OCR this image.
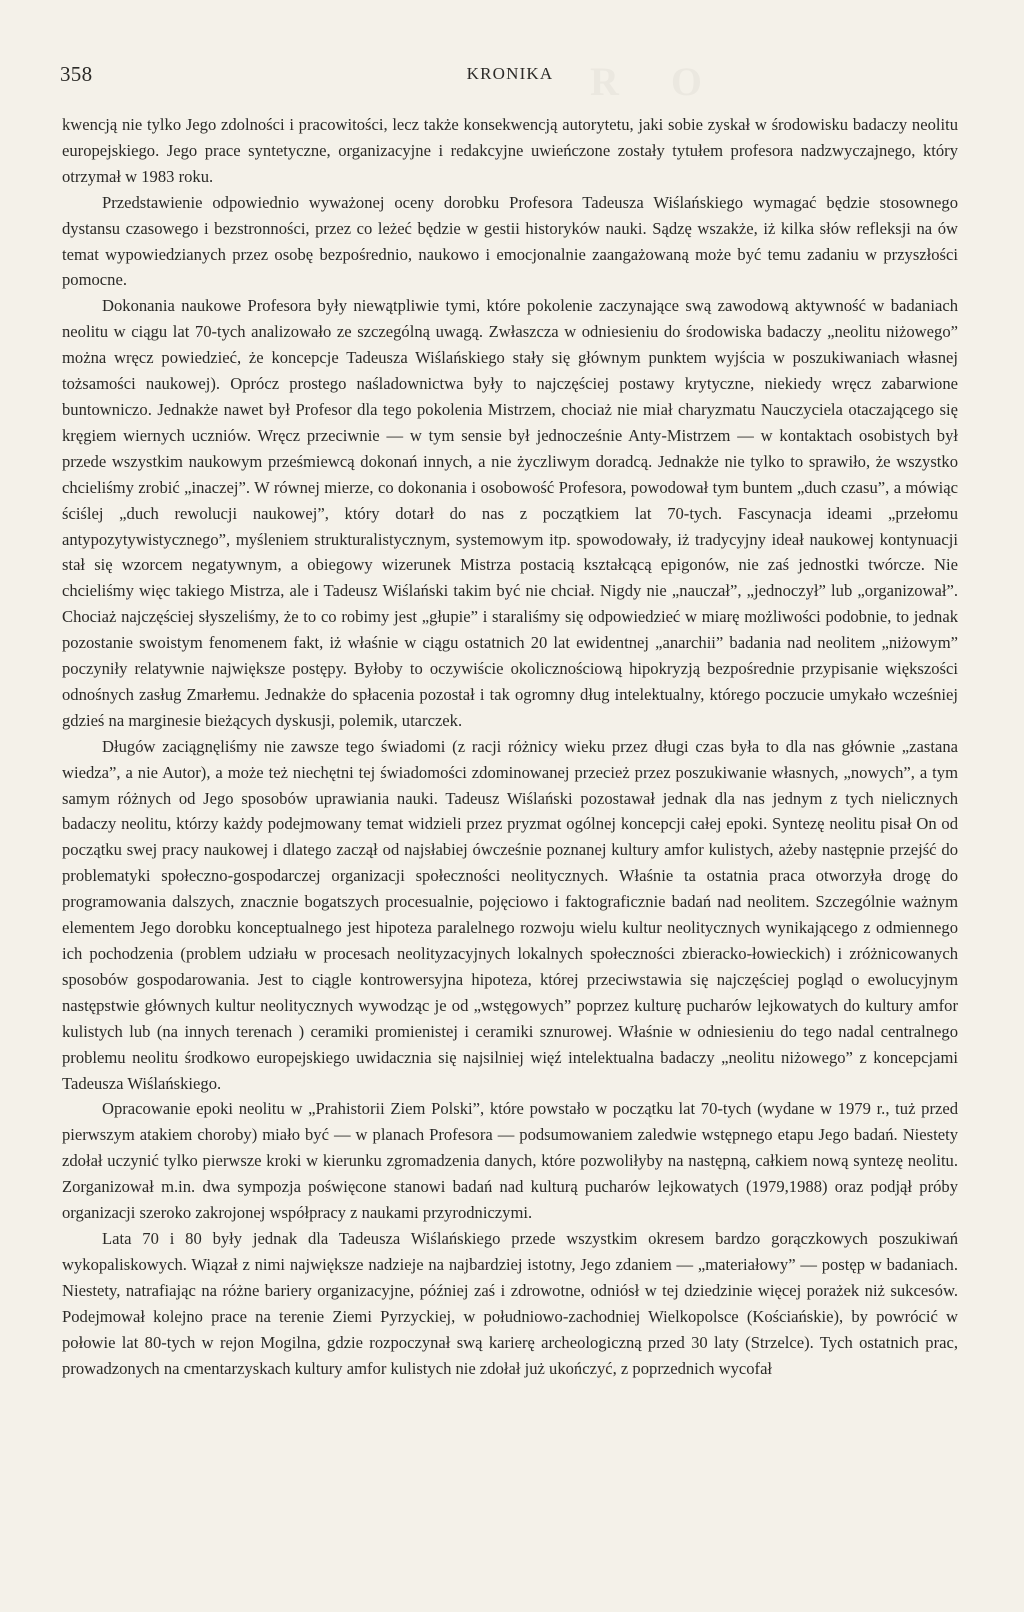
358	KRONIKA

kwencją nie tylko Jego zdolności i pracowitości, lecz także konsekwencją autorytetu, jaki sobie zyskał w środowisku badaczy neolitu europejskiego. Jego prace syntetyczne, organizacyjne i redakcyjne uwieńczone zostały tytułem profesora nadzwyczajnego, który otrzymał w 1983 roku.

Przedstawienie odpowiednio wyważonej oceny dorobku Profesora Tadeusza Wiślańskiego wymagać będzie stosownego dystansu czasowego i bezstronności, przez co leżeć będzie w gestii historyków nauki. Sądzę wszakże, iż kilka słów refleksji na ów temat wypowiedzianych przez osobę bezpośrednio, naukowo i emocjonalnie zaangażowaną może być temu zadaniu w przyszłości pomocne.

Dokonania naukowe Profesora były niewątpliwie tymi, które pokolenie zaczynające swą zawodową aktywność w badaniach neolitu w ciągu lat 70-tych analizowało ze szczególną uwagą. Zwłaszcza w odniesieniu do środowiska badaczy „neolitu niżowego” można wręcz powiedzieć, że koncepcje Tadeusza Wiślańskiego stały się głównym punktem wyjścia w poszukiwaniach własnej tożsamości naukowej). Oprócz prostego naśladownictwa były to najczęściej postawy krytyczne, niekiedy wręcz zabarwione buntowniczo. Jednakże nawet był Profesor dla tego pokolenia Mistrzem, chociaż nie miał charyzmatu Nauczyciela otaczającego się kręgiem wiernych uczniów. Wręcz przeciwnie — w tym sensie był jednocześnie Anty-Mistrzem — w kontaktach osobistych był przede wszystkim naukowym prześmiewcą dokonań innych, a nie życzliwym doradcą. Jednakże nie tylko to sprawiło, że wszystko chcieliśmy zrobić „inaczej”. W równej mierze, co dokonania i osobowość Profesora, powodował tym buntem „duch czasu”, a mówiąc ściślej „duch rewolucji naukowej”, który dotarł do nas z początkiem lat 70-tych. Fascynacja ideami „przełomu antypozytywistycznego”, myśleniem strukturalistycznym, systemowym itp. spowodowały, iż tradycyjny ideał naukowej kontynuacji stał się wzorcem negatywnym, a obiegowy wizerunek Mistrza postacią kształcącą epigonów, nie zaś jednostki twórcze. Nie chcieliśmy więc takiego Mistrza, ale i Tadeusz Wiślański takim być nie chciał. Nigdy nie „nauczał”, „jednoczył” lub „organizował”. Chociaż najczęściej słyszeliśmy, że to co robimy jest „głupie” i staraliśmy się odpowiedzieć w miarę możliwości podobnie, to jednak pozostanie swoistym fenomenem fakt, iż właśnie w ciągu ostatnich 20 lat ewidentnej „anarchii” badania nad neolitem „niżowym” poczyniły relatywnie największe postępy. Byłoby to oczywiście okolicznościową hipokryzją bezpośrednie przypisanie większości odnośnych zasług Zmarłemu. Jednakże do spłacenia pozostał i tak ogromny dług intelektualny, którego poczucie umykało wcześniej gdzieś na marginesie bieżących dyskusji, polemik, utarczek.

Długów zaciągnęliśmy nie zawsze tego świadomi (z racji różnicy wieku przez długi czas była to dla nas głównie „zastana wiedza”, a nie Autor), a może też niechętni tej świadomości zdominowanej przecież przez poszukiwanie własnych, „nowych”, a tym samym różnych od Jego sposobów uprawiania nauki. Tadeusz Wiślański pozostawał jednak dla nas jednym z tych nielicznych badaczy neolitu, którzy każdy podejmowany temat widzieli przez pryzmat ogólnej koncepcji całej epoki. Syntezę neolitu pisał On od początku swej pracy naukowej i dlatego zaczął od najsłabiej ówcześnie poznanej kultury amfor kulistych, ażeby następnie przejść do problematyki społeczno-gospodarczej organizacji społeczności neolitycznych. Właśnie ta ostatnia praca otworzyła drogę do programowania dalszych, znacznie bogatszych procesualnie, pojęciowo i faktograficznie badań nad neolitem. Szczególnie ważnym elementem Jego dorobku konceptualnego jest hipoteza paralelnego rozwoju wielu kultur neolitycznych wynikającego z odmiennego ich pochodzenia (problem udziału w procesach neolityzacyjnych lokalnych społeczności zbieracko-łowieckich) i zróżnicowanych sposobów gospodarowania. Jest to ciągle kontrowersyjna hipoteza, której przeciwstawia się najczęściej pogląd o ewolucyjnym następstwie głównych kultur neolitycznych wywodząc je od „wstęgowych” poprzez kulturę pucharów lejkowatych do kultury amfor kulistych lub (na innych terenach ) ceramiki promienistej i ceramiki sznurowej. Właśnie w odniesieniu do tego nadal centralnego problemu neolitu środkowo europejskiego uwidacznia się najsilniej więź intelektualna badaczy „neolitu niżowego” z koncepcjami Tadeusza Wiślańskiego.

Opracowanie epoki neolitu w „Prahistorii Ziem Polski”, które powstało w początku lat 70-tych (wydane w 1979 r., tuż przed pierwszym atakiem choroby) miało być — w planach Profesora — podsumowaniem zaledwie wstępnego etapu Jego badań. Niestety zdołał uczynić tylko pierwsze kroki w kierunku zgromadzenia danych, które pozwoliłyby na następną, całkiem nową syntezę neolitu. Zorganizował m.in. dwa sympozja poświęcone stanowi badań nad kulturą pucharów lejkowatych (1979,1988) oraz podjął próby organizacji szeroko zakrojonej współpracy z naukami przyrodniczymi.

Lata 70 i 80 były jednak dla Tadeusza Wiślańskiego przede wszystkim okresem bardzo gorączkowych poszukiwań wykopaliskowych. Wiązał z nimi największe nadzieje na najbardziej istotny, Jego zdaniem — „materiałowy” — postęp w badaniach. Niestety, natrafiając na różne bariery organizacyjne, później zaś i zdrowotne, odniósł w tej dziedzinie więcej porażek niż sukcesów. Podejmował kolejno prace na terenie Ziemi Pyrzyckiej, w południowo-zachodniej Wielkopolsce (Kościańskie), by powrócić w połowie lat 80-tych w rejon Mogilna, gdzie rozpoczynał swą karierę archeologiczną przed 30 laty (Strzelce). Tych ostatnich prac, prowadzonych na cmentarzyskach kultury amfor kulistych nie zdołał już ukończyć, z poprzednich wycofał
